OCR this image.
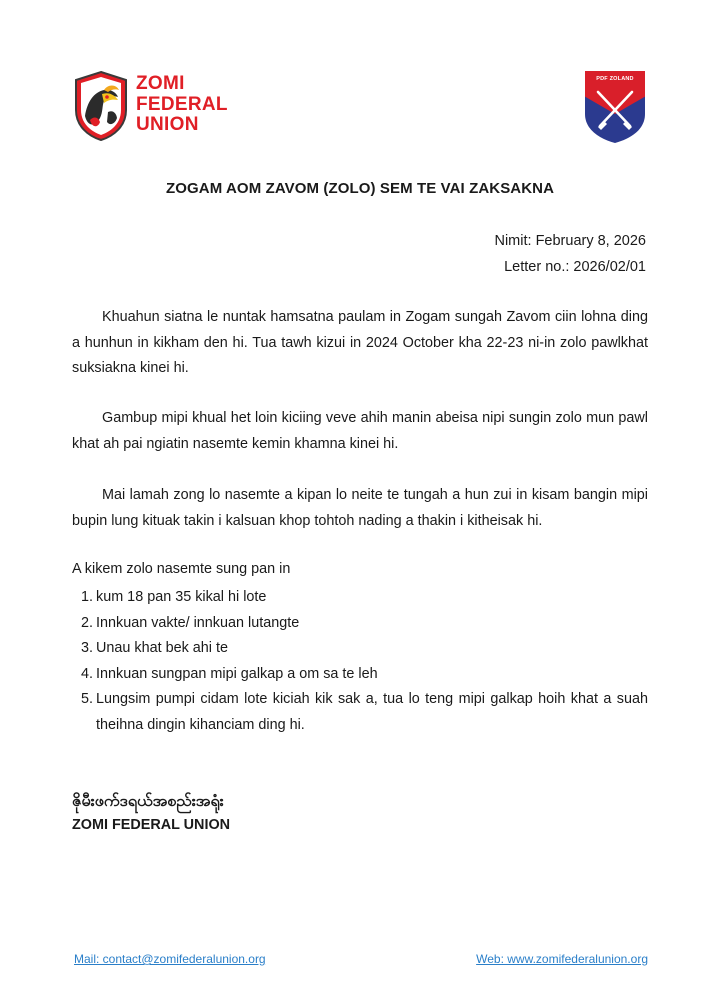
ZOMI
FEDERAL
UNION
PDF ZOLAND
ZOGAM AOM ZAVOM (ZOLO) SEM TE VAI ZAKSAKNA
Nimit: February 8, 2026
Letter no.: 2026/02/01

Khuahun siatna le nuntak hamsatna paulam in Zogam sungah Zavom ciin lohna ding a hunhun in kikham den hi. Tua tawh kizui in 2024 October kha 22-23 ni-in zolo pawlkhat suksiakna kinei hi.

Gambup mipi khual het loin kiciing veve ahih manin abeisa nipi sungin zolo mun pawl khat ah pai ngiatin nasemte kemin khamna kinei hi.

Mai lamah zong lo nasemte a kipan lo neite te tungah a hun zui in kisam bangin mipi bupin lung kituak takin i kalsuan khop tohtoh nading a thakin i kitheisak hi.

A kikem zolo nasemte sung pan in
1. kum 18 pan 35 kikal hi lote
2. Innkuan vakte/ innkuan lutangte
3. Unau khat bek ahi te
4. Innkuan sungpan mipi galkap a om sa te leh
5. Lungsim pumpi cidam lote kiciah kik sak a, tua lo teng mipi galkap hoih khat a suah theihna dingin kihanciam ding hi.
ဇိုမီးဖက်ဒရယ်အစည်းအရုံး
ZOMI FEDERAL UNION
Mail: contact@zomifederalunion.org	Web: www.zomifederalunion.org
